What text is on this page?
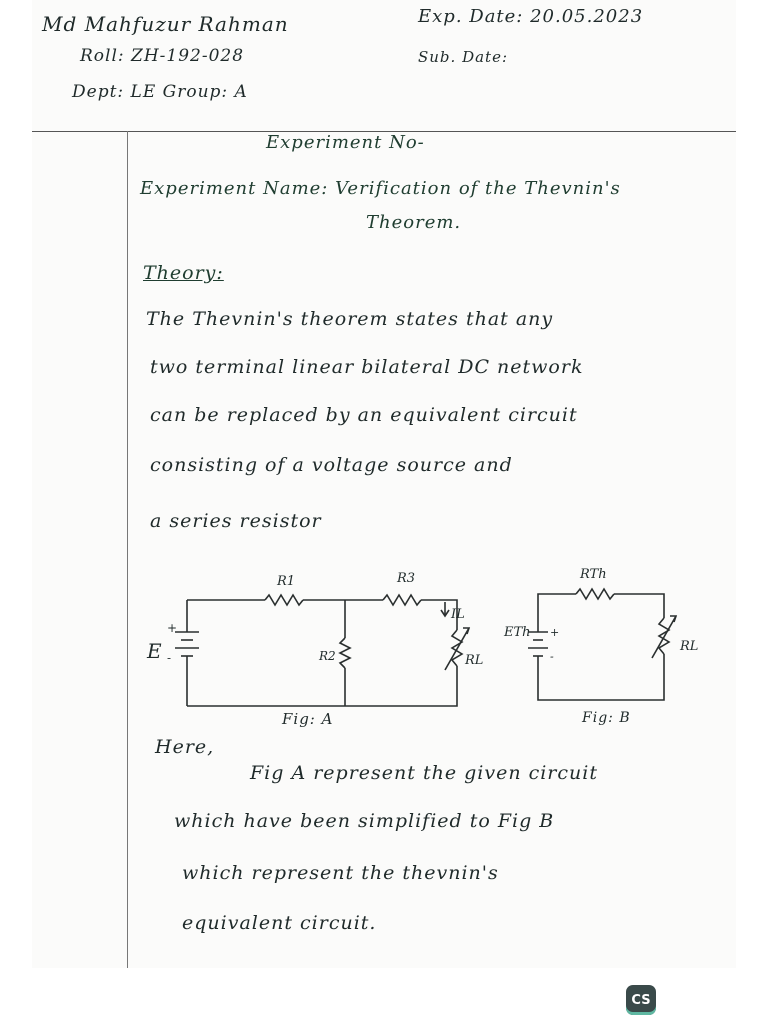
Md Mahfuzur Rahman
Roll: ZH-192-028
Dept: LE Group: A
Exp. Date: 20.05.2023
Sub. Date:
Experiment No-
Experiment Name: Verification of the Thevnin's
Theorem.
Theory:
The Thevnin's theorem states that any
two terminal linear bilateral DC network
can be replaced by an equivalent circuit
consisting of a voltage source and
a series resistor
R1	R3
R2	RL
IL
E
+
-
Fig: A
RTh
ETh
RL
+
-
Fig: B
Here,
Fig A represent the given circuit
which have been simplified to Fig B
which represent the thevnin's
equivalent circuit.
CS
